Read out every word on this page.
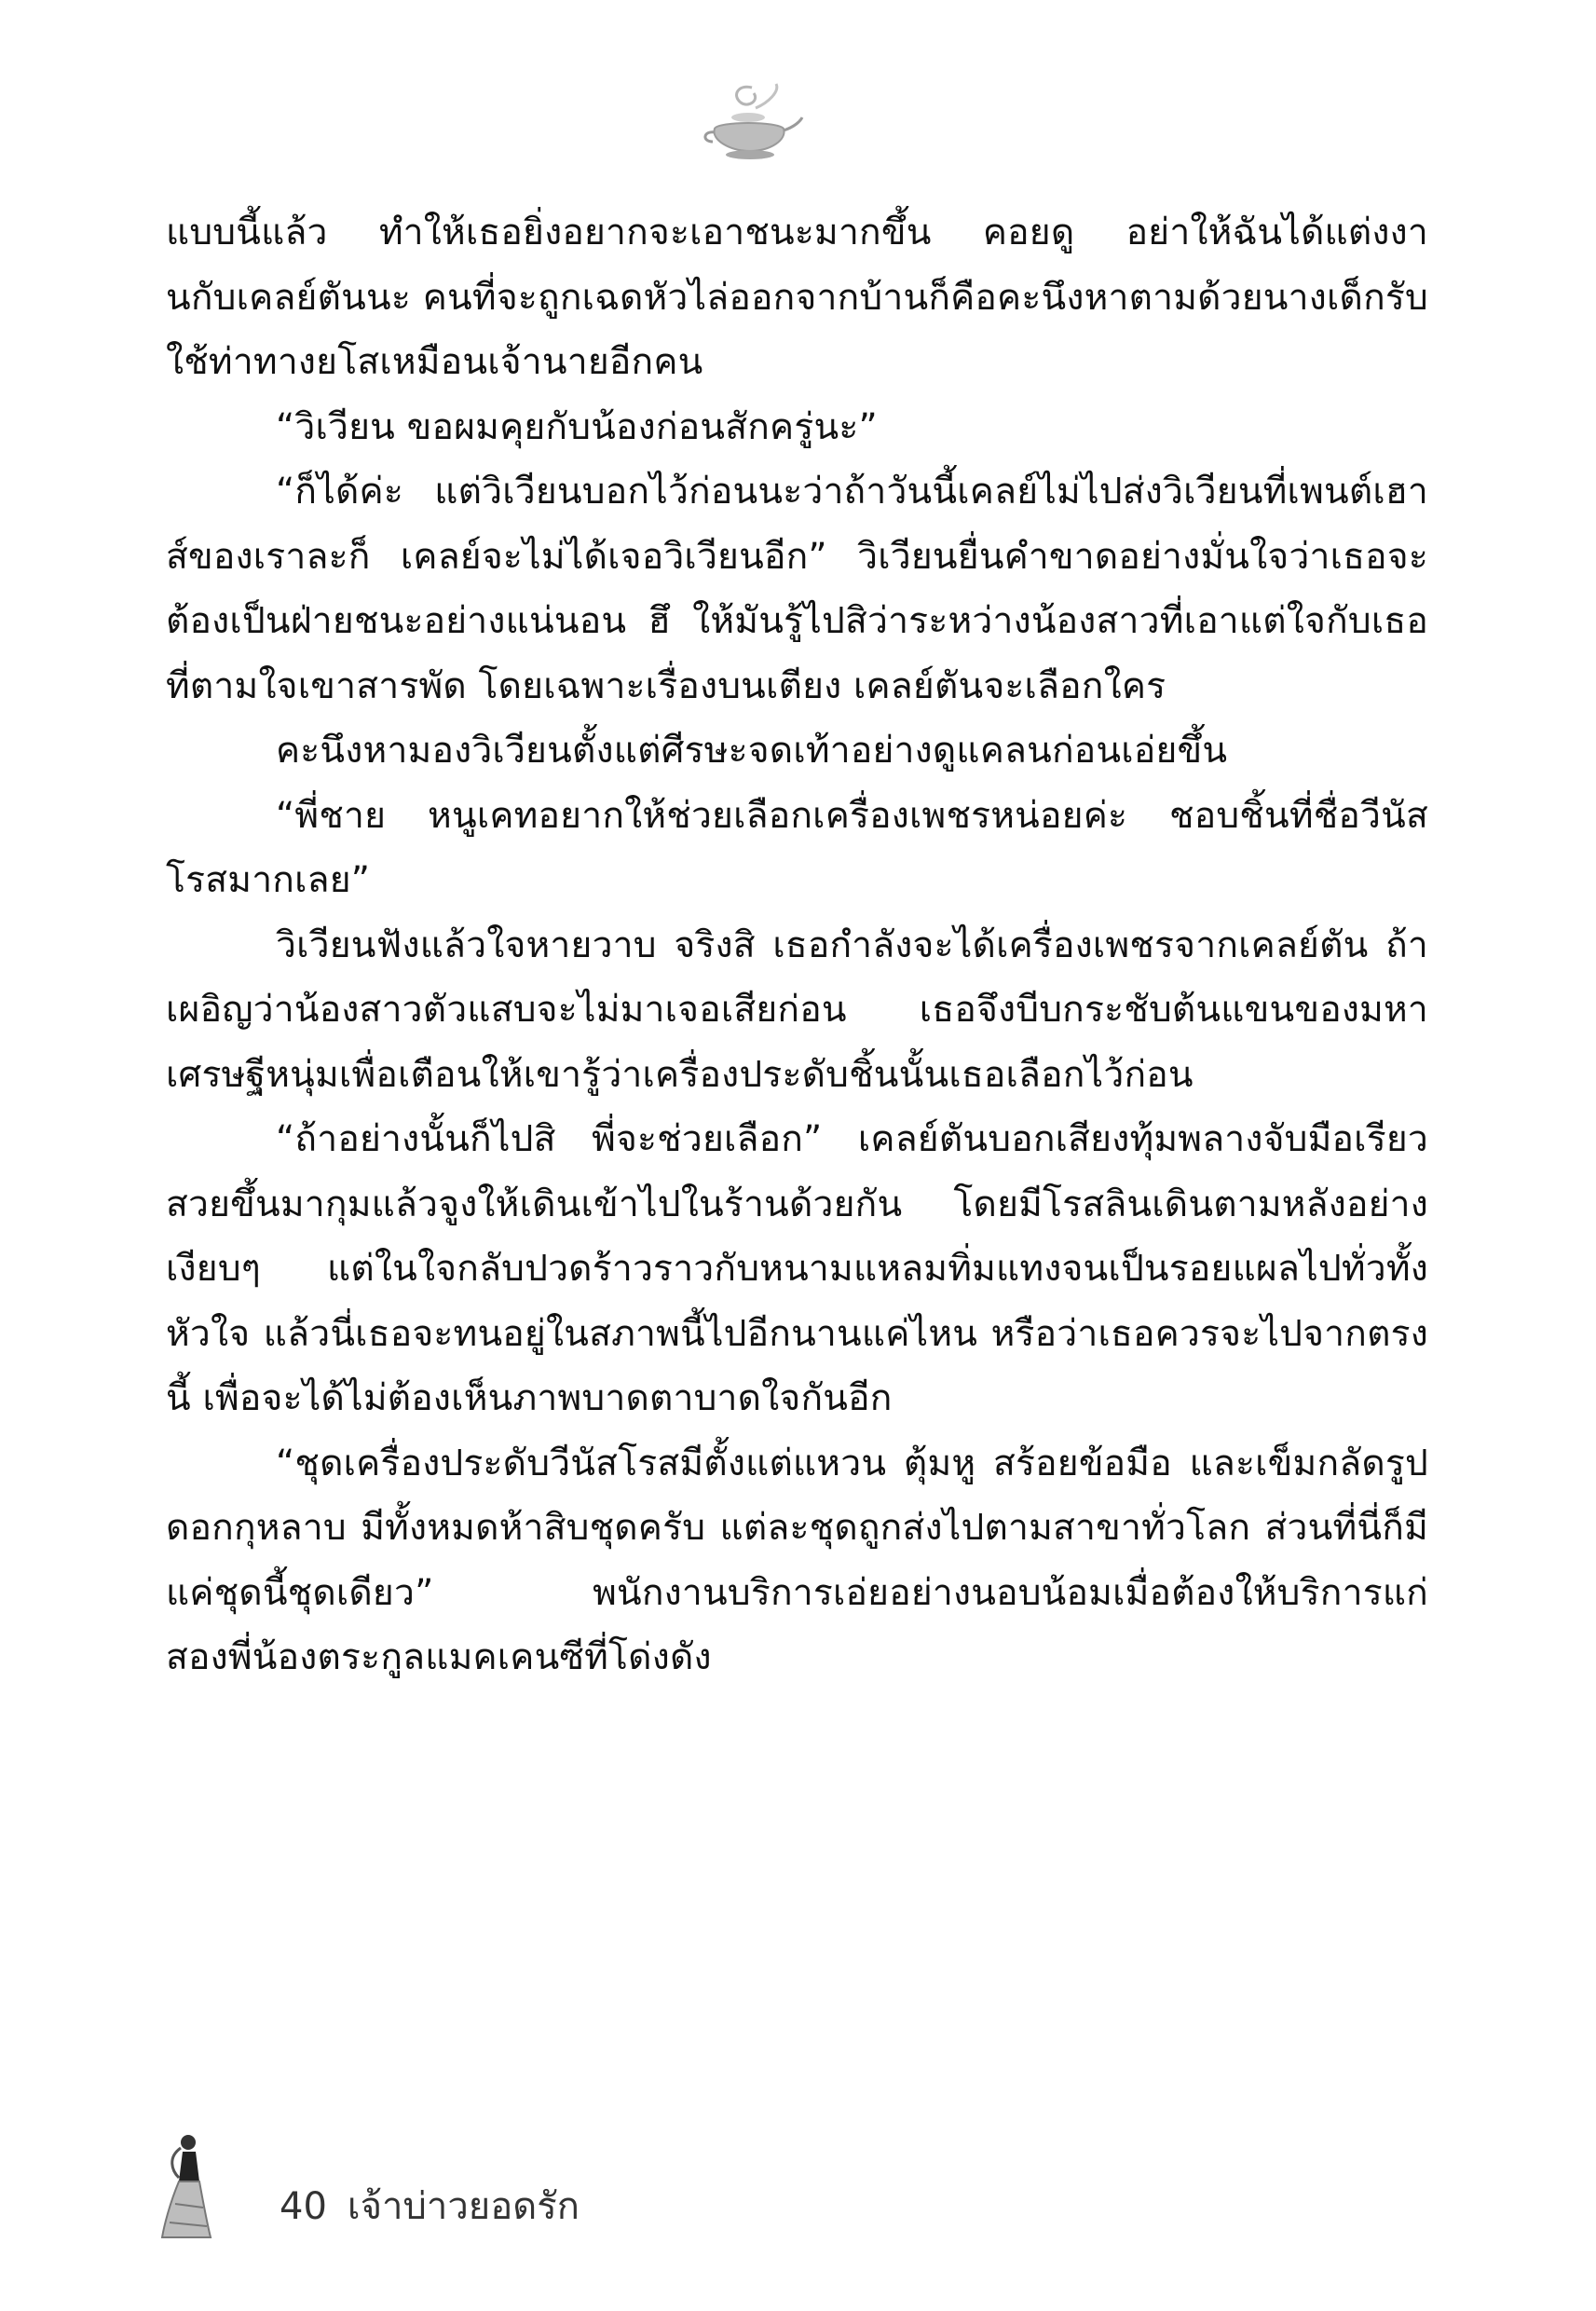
แบบนี้แล้ว ทำให้เธอยิ่งอยากจะเอาชนะมากขึ้น คอยดู อย่าให้ฉันได้แต่งงานกับเคลย์ตันนะ คนที่จะถูกเฉดหัวไล่ออกจากบ้านก็คือคะนึงหาตามด้วยนางเด็กรับใช้ท่าทางยโสเหมือนเจ้านายอีกคน

“วิเวียน ขอผมคุยกับน้องก่อนสักครู่นะ”

“ก็ได้ค่ะ แต่วิเวียนบอกไว้ก่อนนะว่าถ้าวันนี้เคลย์ไม่ไปส่งวิเวียนที่เพนต์เฮาส์ของเราละก็ เคลย์จะไม่ได้เจอวิเวียนอีก” วิเวียนยื่นคำขาดอย่างมั่นใจว่าเธอจะต้องเป็นฝ่ายชนะอย่างแน่นอน ฮึ ให้มันรู้ไปสิว่าระหว่างน้องสาวที่เอาแต่ใจกับเธอที่ตามใจเขาสารพัด โดยเฉพาะเรื่องบนเตียง เคลย์ตันจะเลือกใคร

คะนึงหามองวิเวียนตั้งแต่ศีรษะจดเท้าอย่างดูแคลนก่อนเอ่ยขึ้น

“พี่ชาย หนูเคทอยากให้ช่วยเลือกเครื่องเพชรหน่อยค่ะ ชอบชิ้นที่ชื่อวีนัสโรสมากเลย”

วิเวียนฟังแล้วใจหายวาบ จริงสิ เธอกำลังจะได้เครื่องเพชรจากเคลย์ตัน ถ้าเผอิญว่าน้องสาวตัวแสบจะไม่มาเจอเสียก่อน เธอจึงบีบกระชับต้นแขนของมหาเศรษฐีหนุ่มเพื่อเตือนให้เขารู้ว่าเครื่องประดับชิ้นนั้นเธอเลือกไว้ก่อน

“ถ้าอย่างนั้นก็ไปสิ พี่จะช่วยเลือก” เคลย์ตันบอกเสียงทุ้มพลางจับมือเรียวสวยขึ้นมากุมแล้วจูงให้เดินเข้าไปในร้านด้วยกัน โดยมีโรสลินเดินตามหลังอย่างเงียบๆ แต่ในใจกลับปวดร้าวราวกับหนามแหลมทิ่มแทงจนเป็นรอยแผลไปทั่วทั้งหัวใจ แล้วนี่เธอจะทนอยู่ในสภาพนี้ไปอีกนานแค่ไหน หรือว่าเธอควรจะไปจากตรงนี้ เพื่อจะได้ไม่ต้องเห็นภาพบาดตาบาดใจกันอีก

“ชุดเครื่องประดับวีนัสโรสมีตั้งแต่แหวน ตุ้มหู สร้อยข้อมือ และเข็มกลัดรูปดอกกุหลาบ มีทั้งหมดห้าสิบชุดครับ แต่ละชุดถูกส่งไปตามสาขาทั่วโลก ส่วนที่นี่ก็มีแค่ชุดนี้ชุดเดียว” พนักงานบริการเอ่ยอย่างนอบน้อมเมื่อต้องให้บริการแก่สองพี่น้องตระกูลแมคเคนซีที่โด่งดัง

40 เจ้าบ่าวยอดรัก
